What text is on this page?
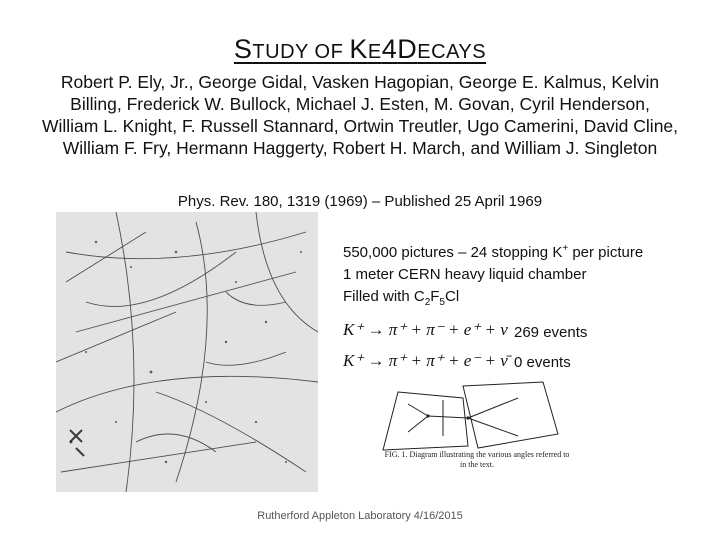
STUDY OF KE4DECAYS
Robert P. Ely, Jr., George Gidal, Vasken Hagopian, George E. Kalmus, Kelvin Billing, Frederick W. Bullock, Michael J. Esten, M. Govan, Cyril Henderson, William L. Knight, F. Russell Stannard, Ortwin Treutler, Ugo Camerini, David Cline, William F. Fry, Hermann Haggerty, Robert H. March, and William J. Singleton
Phys. Rev. 180, 1319 (1969) – Published 25 April 1969
550,000 pictures – 24 stopping K+ per picture
1 meter CERN heavy liquid chamber
Filled with $C_2F_5Cl$
K⁺ → π⁺ + π⁻ + e⁺ + ν 269 events
K⁺ → π⁺ + π⁺ + e⁻ + ν̄ 0 events
FIG. 1. Diagram illustrating the various angles referred to in the text.
Rutherford Appleton Laboratory 4/16/2015
